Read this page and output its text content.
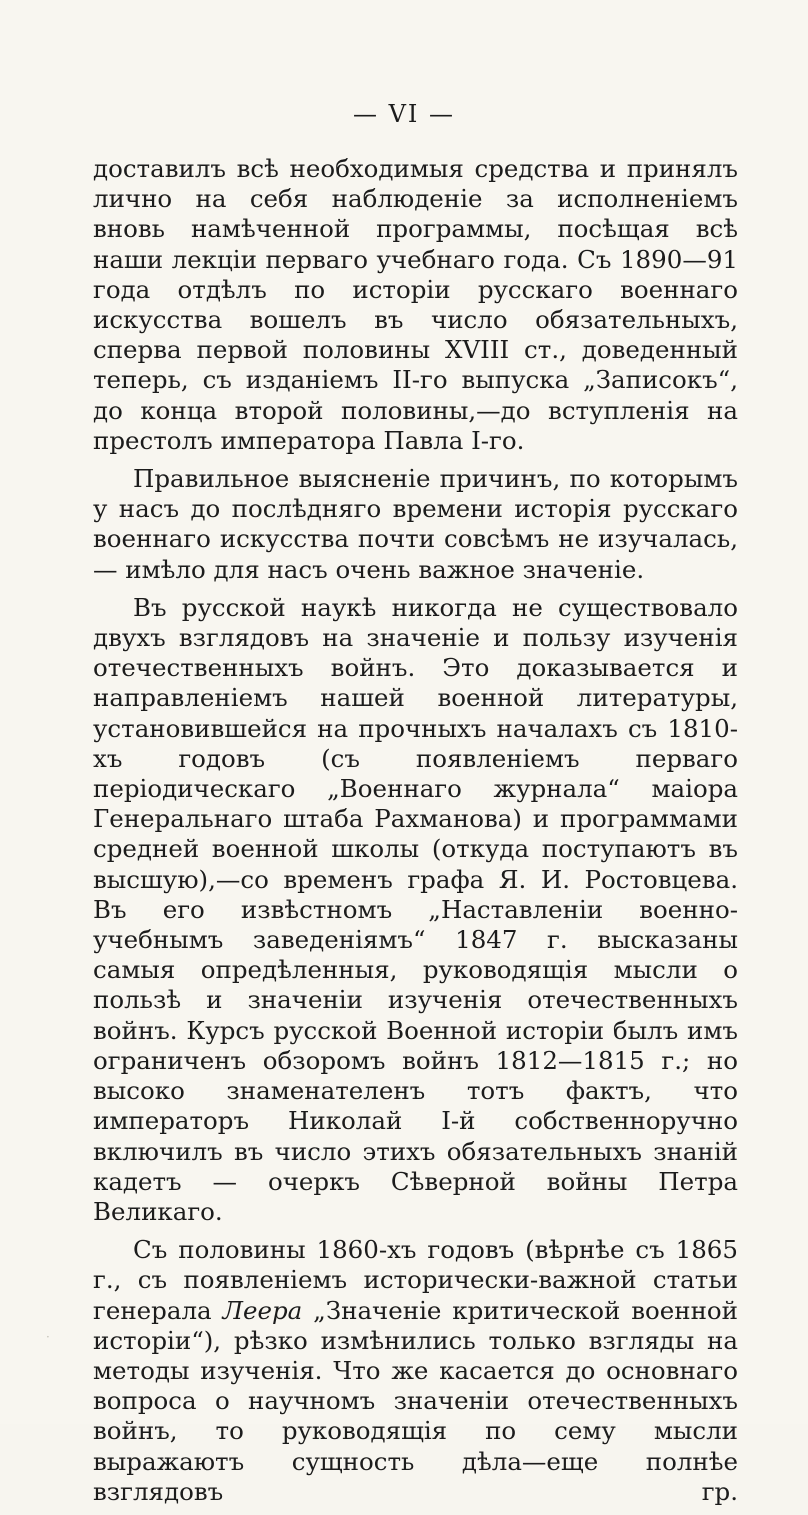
— VI —

доставилъ всѣ необходимыя средства и принялъ лично на себя наблюденіе за исполненіемъ вновь намѣченной программы, посѣщая всѣ наши лекціи перваго учебнаго года. Съ 1890—91 года отдѣлъ по исторіи русскаго военнаго искусства вошелъ въ число обязательныхъ, сперва первой половины XVIII ст., доведенный теперь, съ изданіемъ II-го выпуска „Записокъ“, до конца второй половины,—до вступленія на престолъ императора Павла I-го.

Правильное выясненіе причинъ, по которымъ у насъ до послѣдняго времени исторія русскаго военнаго искусства почти совсѣмъ не изучалась, — имѣло для насъ очень важное значеніе.

Въ русской наукѣ никогда не существовало двухъ взглядовъ на значеніе и пользу изученія отечественныхъ войнъ. Это доказывается и направленіемъ нашей военной литературы, установившейся на прочныхъ началахъ съ 1810-хъ годовъ (съ появленіемъ перваго періодическаго „Военнаго журнала“ маіора Генеральнаго штаба Рахманова) и программами средней военной школы (откуда поступаютъ въ высшую),—со временъ графа Я. И. Ростовцева. Въ его извѣстномъ „Наставленіи военно-учебнымъ заведеніямъ“ 1847 г. высказаны самыя опредѣленныя, руководящія мысли о пользѣ и значеніи изученія отечественныхъ войнъ. Курсъ русской Военной исторіи былъ имъ ограниченъ обзоромъ войнъ 1812—1815 г.; но высоко знаменателенъ тотъ фактъ, что императоръ Николай I-й собственноручно включилъ въ число этихъ обязательныхъ знаній кадетъ — очеркъ Сѣверной войны Петра Великаго.

Съ половины 1860-хъ годовъ (вѣрнѣе съ 1865 г., съ появленіемъ исторически-важной статьи генерала Леера „Значеніе критической военной исторіи“), рѣзко измѣнились только взгляды на методы изученія. Что же касается до основнаго вопроса о научномъ значеніи отечественныхъ войнъ, то руководящія по сему мысли выражаютъ сущность дѣла—еще полнѣе взглядовъ гр.

·
